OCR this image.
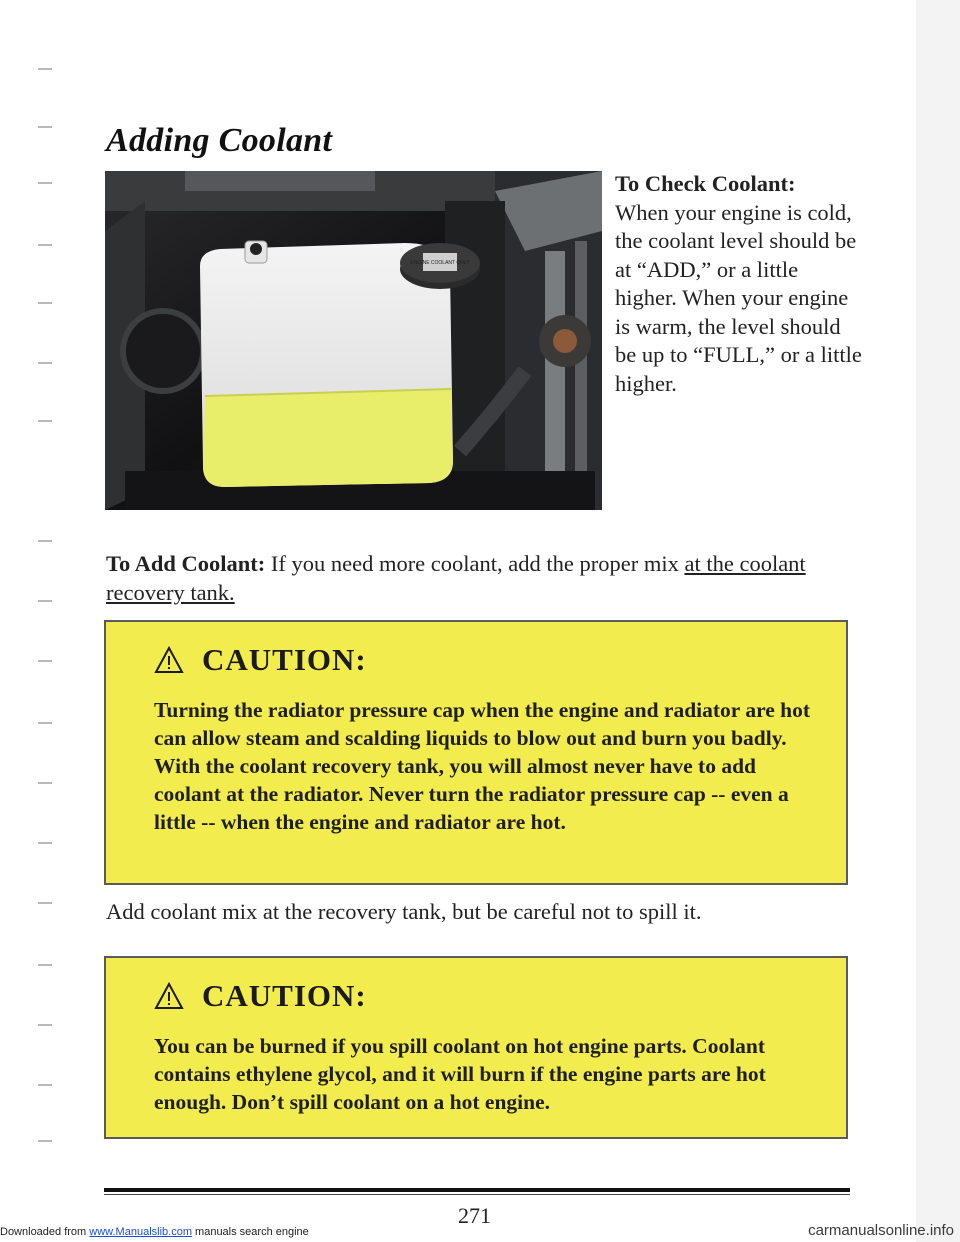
Adding Coolant
ENGINE COOLANT ONLY
To Check Coolant:
When your engine is cold, the coolant level should be at “ADD,” or a little higher. When your engine is warm, the level should be up to “FULL,” or a little higher.
To Add Coolant: If you need more coolant, add the proper mix at the coolant recovery tank.
CAUTION:
Turning the radiator pressure cap when the engine and radiator are hot can allow steam and scalding liquids to blow out and burn you badly. With the coolant recovery tank, you will almost never have to add coolant at the radiator. Never turn the radiator pressure cap -- even a little -- when the engine and radiator are hot.
Add coolant mix at the recovery tank, but be careful not to spill it.
CAUTION:
You can be burned if you spill coolant on hot engine parts. Coolant contains ethylene glycol, and it will burn if the engine parts are hot enough. Don’t spill coolant on a hot engine.
271
Downloaded from www.Manualslib.com manuals search engine	carmanualsonline.info
